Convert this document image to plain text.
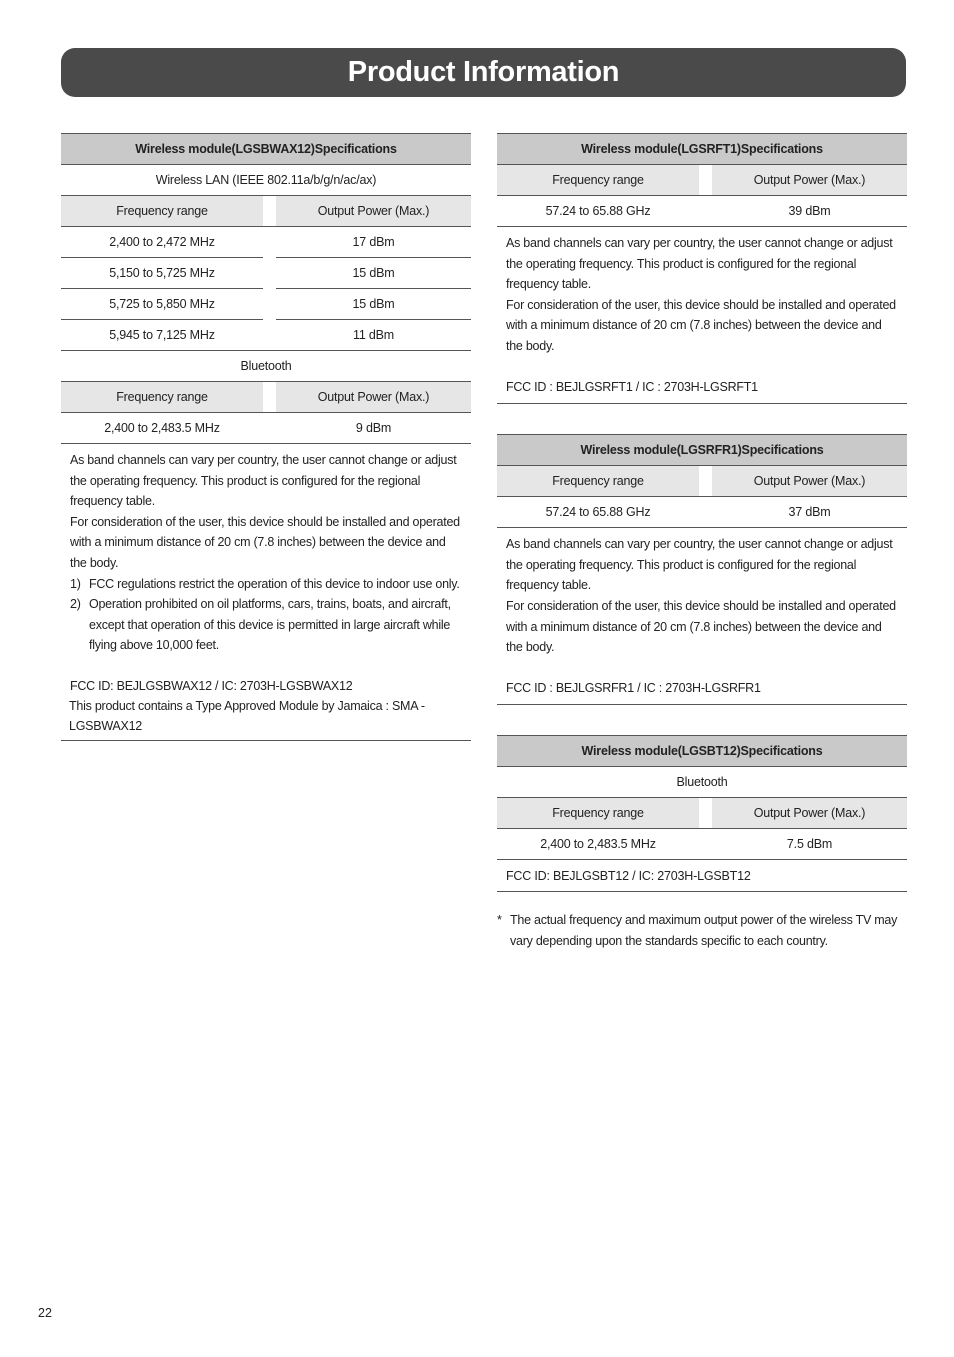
Product Information
Wireless module(LGSBWAX12)Specifications
Wireless LAN (IEEE 802.11a/b/g/n/ac/ax)
Frequency range	Output Power (Max.)
2,400 to 2,472 MHz	17 dBm
5,150 to 5,725 MHz	15 dBm
5,725 to 5,850 MHz	15 dBm
5,945 to 7,125 MHz	11 dBm
Bluetooth
Frequency range	Output Power (Max.)
2,400 to 2,483.5 MHz	9 dBm

As band channels can vary per country, the user cannot change or adjust the operating frequency. This product is configured for the regional frequency table.

For consideration of the user, this device should be installed and operated with a minimum distance of 20 cm (7.8 inches) between the device and the body.

1) FCC regulations restrict the operation of this device to indoor use only.
2) Operation prohibited on oil platforms, cars, trains, boats, and aircraft, except that operation of this device is permitted in large aircraft while flying above 10,000 feet.

FCC ID: BEJLGSBWAX12 / IC: 2703H-LGSBWAX12

This product contains a Type Approved Module by Jamaica : SMA - LGSBWAX12

Wireless module(LGSRFT1)Specifications
Frequency range	Output Power (Max.)
57.24 to 65.88 GHz	39 dBm

As band channels can vary per country, the user cannot change or adjust the operating frequency. This product is configured for the regional frequency table.

For consideration of the user, this device should be installed and operated with a minimum distance of 20 cm (7.8 inches) between the device and the body.

FCC ID : BEJLGSRFT1 / IC : 2703H-LGSRFT1

Wireless module(LGSRFR1)Specifications
Frequency range	Output Power (Max.)
57.24 to 65.88 GHz	37 dBm

As band channels can vary per country, the user cannot change or adjust the operating frequency. This product is configured for the regional frequency table.

For consideration of the user, this device should be installed and operated with a minimum distance of 20 cm (7.8 inches) between the device and the body.

FCC ID : BEJLGSRFR1 / IC : 2703H-LGSRFR1

Wireless module(LGSBT12)Specifications
Bluetooth
Frequency range	Output Power (Max.)
2,400 to 2,483.5 MHz	7.5 dBm
FCC ID: BEJLGSBT12 / IC: 2703H-LGSBT12
* The actual frequency and maximum output power of the wireless TV may vary depending upon the standards specific to each country.
22
